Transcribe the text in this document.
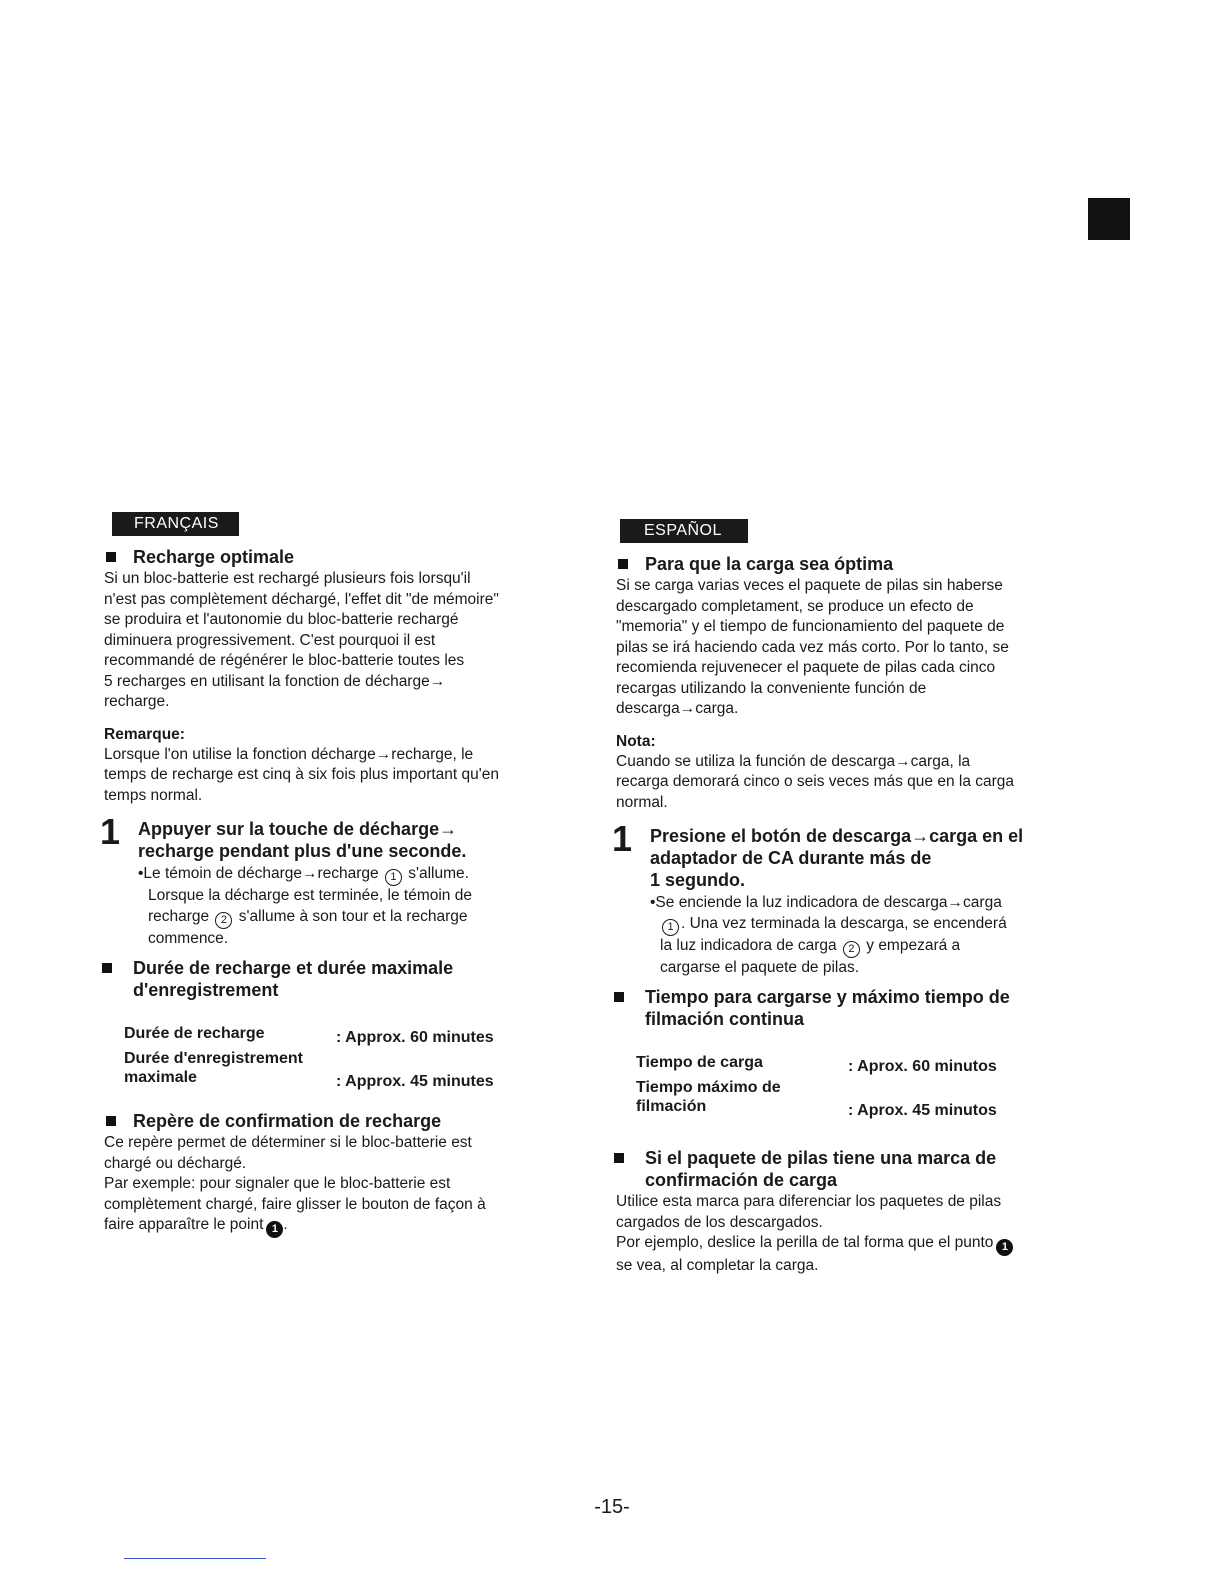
FRANÇAIS
Recharge optimale

Si un bloc-batterie est rechargé plusieurs fois lorsqu'il

n'est pas complètement déchargé, l'effet dit "de mémoire"

se produira et l'autonomie du bloc-batterie rechargé

diminuera progressivement. C'est pourquoi il est

recommandé de régénérer le bloc-batterie toutes les

5 recharges en utilisant la fonction de décharge→

recharge.

Remarque:

Lorsque l'on utilise la fonction décharge→recharge, le

temps de recharge est cinq à six fois plus important qu'en

temps normal.

1 Appuyer sur la touche de décharge→
recharge pendant plus d'une seconde.
•Le témoin de décharge→recharge 1 s'allume.
Lorsque la décharge est terminée, le témoin de
recharge 2 s'allume à son tour et la recharge
commence.
Durée de recharge et durée maximale
d'enregistrement
Durée de recharge	: Approx. 60 minutes
Durée d'enregistrement
maximale	: Approx. 45 minutes
Repère de confirmation de recharge

Ce repère permet de déterminer si le bloc-batterie est

chargé ou déchargé.

Par exemple: pour signaler que le bloc-batterie est

complètement chargé, faire glisser le bouton de façon à

faire apparaître le point 1 .

ESPAÑOL
Para que la carga sea óptima

Si se carga varias veces el paquete de pilas sin haberse

descargado completament, se produce un efecto de

"memoria" y el tiempo de funcionamiento del paquete de

pilas se irá haciendo cada vez más corto. Por lo tanto, se

recomienda rejuvenecer el paquete de pilas cada cinco

recargas utilizando la conveniente función de

descarga→carga.

Nota:

Cuando se utiliza la función de descarga→carga, la

recarga demorará cinco o seis veces más que en la carga

normal.

1 Presione el botón de descarga→carga en el
adaptador de CA durante más de
1 segundo.
•Se enciende la luz indicadora de descarga→carga
1 . Una vez terminada la descarga, se encenderá
la luz indicadora de carga 2 y empezará a
cargarse el paquete de pilas.
Tiempo para cargarse y máximo tiempo de
filmación continua
Tiempo de carga	: Aprox. 60 minutos
Tiempo máximo de
filmación	: Aprox. 45 minutos
Si el paquete de pilas tiene una marca de
confirmación de carga

Utilice esta marca para diferenciar los paquetes de pilas

cargados de los descargados.

Por ejemplo, deslice la perilla de tal forma que el punto 1

se vea, al completar la carga.

-15-
